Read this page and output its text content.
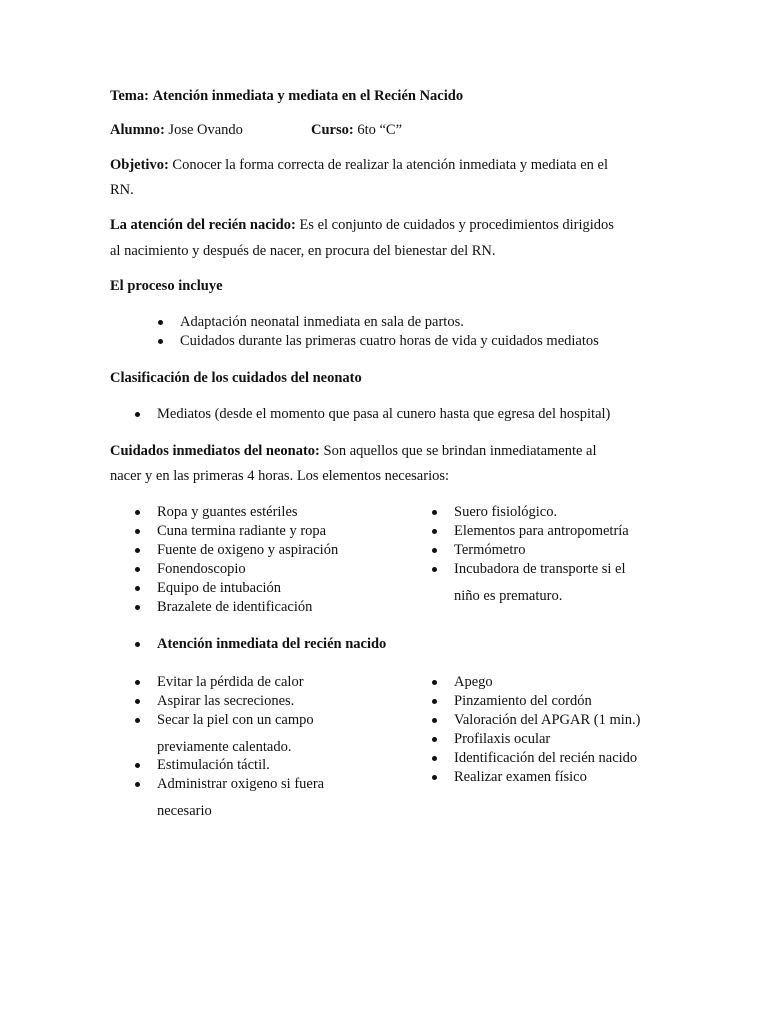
Tema: Atención inmediata y mediata en el Recién Nacido
Alumno: Jose Ovando	Curso: 6to “C”
Objetivo: Conocer la forma correcta de realizar la atención inmediata y mediata en el
RN.
La atención del recién nacido: Es el conjunto de cuidados y procedimientos dirigidos
al nacimiento y después de nacer, en procura del bienestar del RN.
El proceso incluye
Adaptación neonatal inmediata en sala de partos.
Cuidados durante las primeras cuatro horas de vida y cuidados mediatos
Clasificación de los cuidados del neonato
Mediatos (desde el momento que pasa al cunero hasta que egresa del hospital)
Cuidados inmediatos del neonato: Son aquellos que se brindan inmediatamente al
nacer y en las primeras 4 horas. Los elementos necesarios:
Ropa y guantes estériles
Cuna termina radiante y ropa
Fuente de oxigeno y aspiración
Fonendoscopio
Equipo de intubación
Brazalete de identificación
Suero fisiológico.
Elementos para antropometría
Termómetro
Incubadora de transporte si el
niño es prematuro.
Atención inmediata del recién nacido
Evitar la pérdida de calor
Aspirar las secreciones.
Secar la piel con un campo
previamente calentado.
Estimulación táctil.
Administrar oxigeno si fuera
necesario
Apego
Pinzamiento del cordón
Valoración del APGAR (1 min.)
Profilaxis ocular
Identificación del recién nacido
Realizar examen físico
